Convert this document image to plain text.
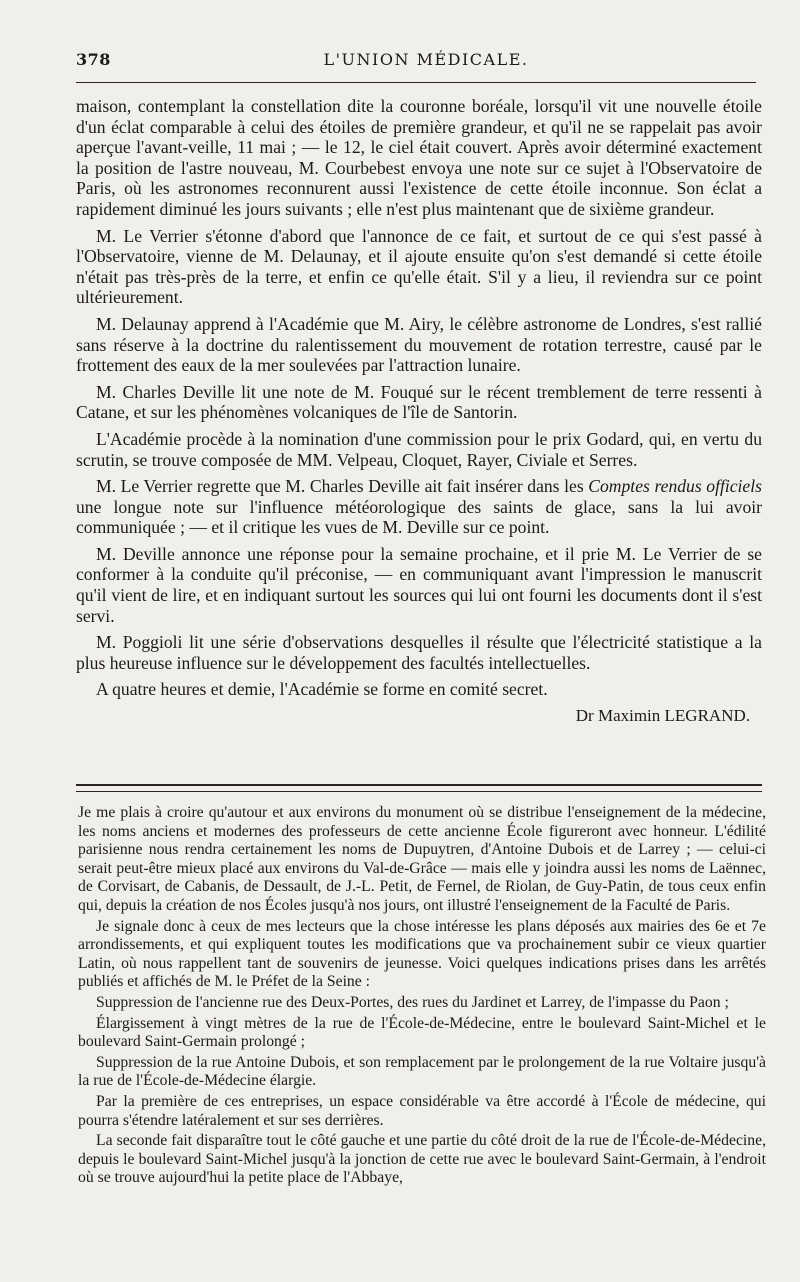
378	L'UNION MÉDICALE.

maison, contemplant la constellation dite la couronne boréale, lorsqu'il vit une nouvelle étoile d'un éclat comparable à celui des étoiles de première grandeur, et qu'il ne se rappelait pas avoir aperçue l'avant-veille, 11 mai ; — le 12, le ciel était couvert. Après avoir déterminé exactement la position de l'astre nouveau, M. Courbebest envoya une note sur ce sujet à l'Observatoire de Paris, où les astronomes reconnurent aussi l'existence de cette étoile inconnue. Son éclat a rapidement diminué les jours suivants ; elle n'est plus maintenant que de sixième grandeur.

M. Le Verrier s'étonne d'abord que l'annonce de ce fait, et surtout de ce qui s'est passé à l'Observatoire, vienne de M. Delaunay, et il ajoute ensuite qu'on s'est demandé si cette étoile n'était pas très-près de la terre, et enfin ce qu'elle était. S'il y a lieu, il reviendra sur ce point ultérieurement.

M. Delaunay apprend à l'Académie que M. Airy, le célèbre astronome de Londres, s'est rallié sans réserve à la doctrine du ralentissement du mouvement de rotation terrestre, causé par le frottement des eaux de la mer soulevées par l'attraction lunaire.

M. Charles Deville lit une note de M. Fouqué sur le récent tremblement de terre ressenti à Catane, et sur les phénomènes volcaniques de l'île de Santorin.

L'Académie procède à la nomination d'une commission pour le prix Godard, qui, en vertu du scrutin, se trouve composée de MM. Velpeau, Cloquet, Rayer, Civiale et Serres.

M. Le Verrier regrette que M. Charles Deville ait fait insérer dans les Comptes rendus officiels une longue note sur l'influence météorologique des saints de glace, sans la lui avoir communiquée ; — et il critique les vues de M. Deville sur ce point.

M. Deville annonce une réponse pour la semaine prochaine, et il prie M. Le Verrier de se conformer à la conduite qu'il préconise, — en communiquant avant l'impression le manuscrit qu'il vient de lire, et en indiquant surtout les sources qui lui ont fourni les documents dont il s'est servi.

M. Poggioli lit une série d'observations desquelles il résulte que l'électricité statistique a la plus heureuse influence sur le développement des facultés intellectuelles.

A quatre heures et demie, l'Académie se forme en comité secret.

Dr Maximin LEGRAND.

Je me plais à croire qu'autour et aux environs du monument où se distribue l'enseignement de la médecine, les noms anciens et modernes des professeurs de cette ancienne École figureront avec honneur. L'édilité parisienne nous rendra certainement les noms de Dupuytren, d'Antoine Dubois et de Larrey ; — celui-ci serait peut-être mieux placé aux environs du Val-de-Grâce — mais elle y joindra aussi les noms de Laënnec, de Corvisart, de Cabanis, de Dessault, de J.-L. Petit, de Fernel, de Riolan, de Guy-Patin, de tous ceux enfin qui, depuis la création de nos Écoles jusqu'à nos jours, ont illustré l'enseignement de la Faculté de Paris.

Je signale donc à ceux de mes lecteurs que la chose intéresse les plans déposés aux mairies des 6e et 7e arrondissements, et qui expliquent toutes les modifications que va prochainement subir ce vieux quartier Latin, où nous rappellent tant de souvenirs de jeunesse. Voici quelques indications prises dans les arrêtés publiés et affichés de M. le Préfet de la Seine :

Suppression de l'ancienne rue des Deux-Portes, des rues du Jardinet et Larrey, de l'impasse du Paon ;

Élargissement à vingt mètres de la rue de l'École-de-Médecine, entre le boulevard Saint-Michel et le boulevard Saint-Germain prolongé ;

Suppression de la rue Antoine Dubois, et son remplacement par le prolongement de la rue Voltaire jusqu'à la rue de l'École-de-Médecine élargie.

Par la première de ces entreprises, un espace considérable va être accordé à l'École de médecine, qui pourra s'étendre latéralement et sur ses derrières.

La seconde fait disparaître tout le côté gauche et une partie du côté droit de la rue de l'École-de-Médecine, depuis le boulevard Saint-Michel jusqu'à la jonction de cette rue avec le boulevard Saint-Germain, à l'endroit où se trouve aujourd'hui la petite place de l'Abbaye,
